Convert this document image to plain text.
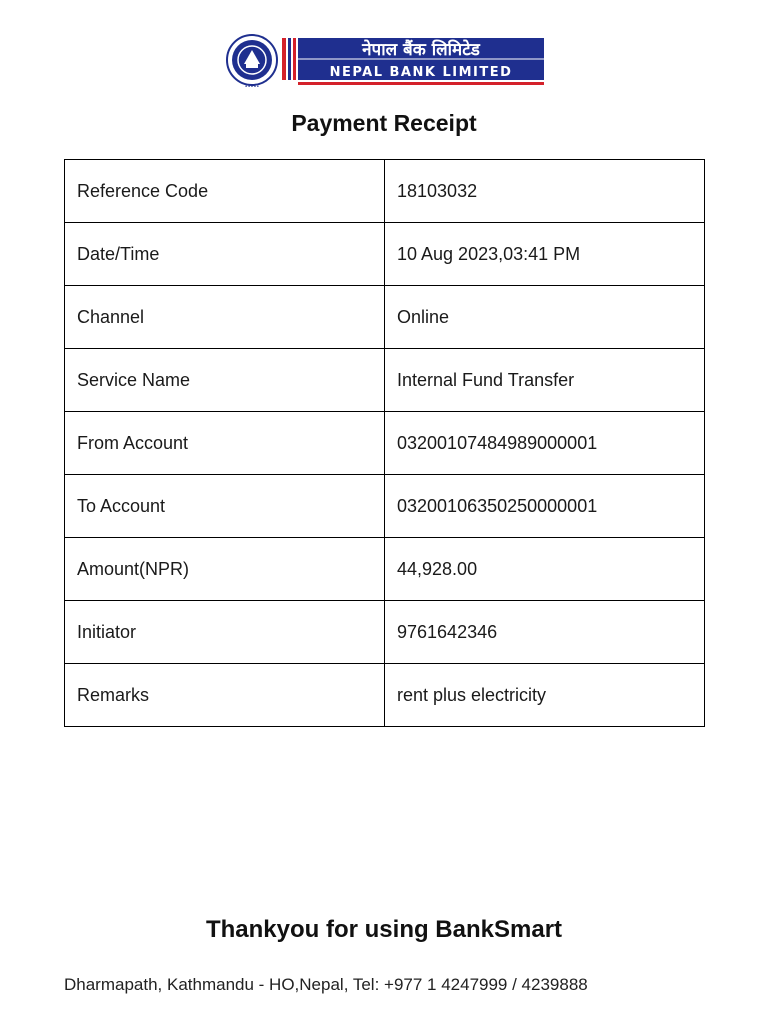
•••••
नेपाल बैंक लिमिटेड
NEPAL BANK LIMITED
Payment Receipt
Reference Code	18103032
Date/Time	10 Aug 2023,03:41 PM
Channel	Online
Service Name	Internal Fund Transfer
From Account	03200107484989000001
To Account	03200106350250000001
Amount(NPR)	44,928.00
Initiator	9761642346
Remarks	rent plus electricity
Thankyou for using BankSmart
Dharmapath, Kathmandu - HO,Nepal, Tel: +977 1 4247999 / 4239888
